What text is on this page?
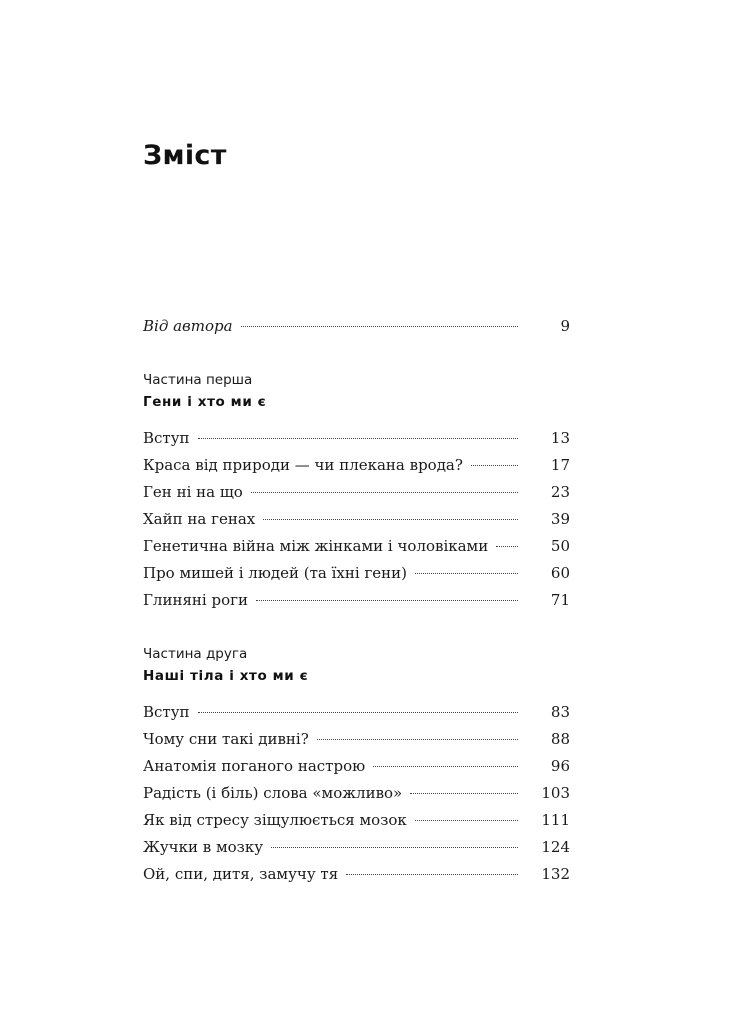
Зміст
Від автора	9
Частина перша
Гени і хто ми є
Вступ	13
Краса від природи — чи плекана врода?	17
Ген ні на що	23
Хайп на генах	39
Генетична війна між жінками і чоловіками	50
Про мишей і людей (та їхні гени)	60
Глиняні роги	71
Частина друга
Наші тіла і хто ми є
Вступ	83
Чому сни такі дивні?	88
Анатомія поганого настрою	96
Радість (і біль) слова «можливо»	103
Як від стресу зіщулюється мозок	111
Жучки в мозку	124
Ой, спи, дитя, замучу тя	132
